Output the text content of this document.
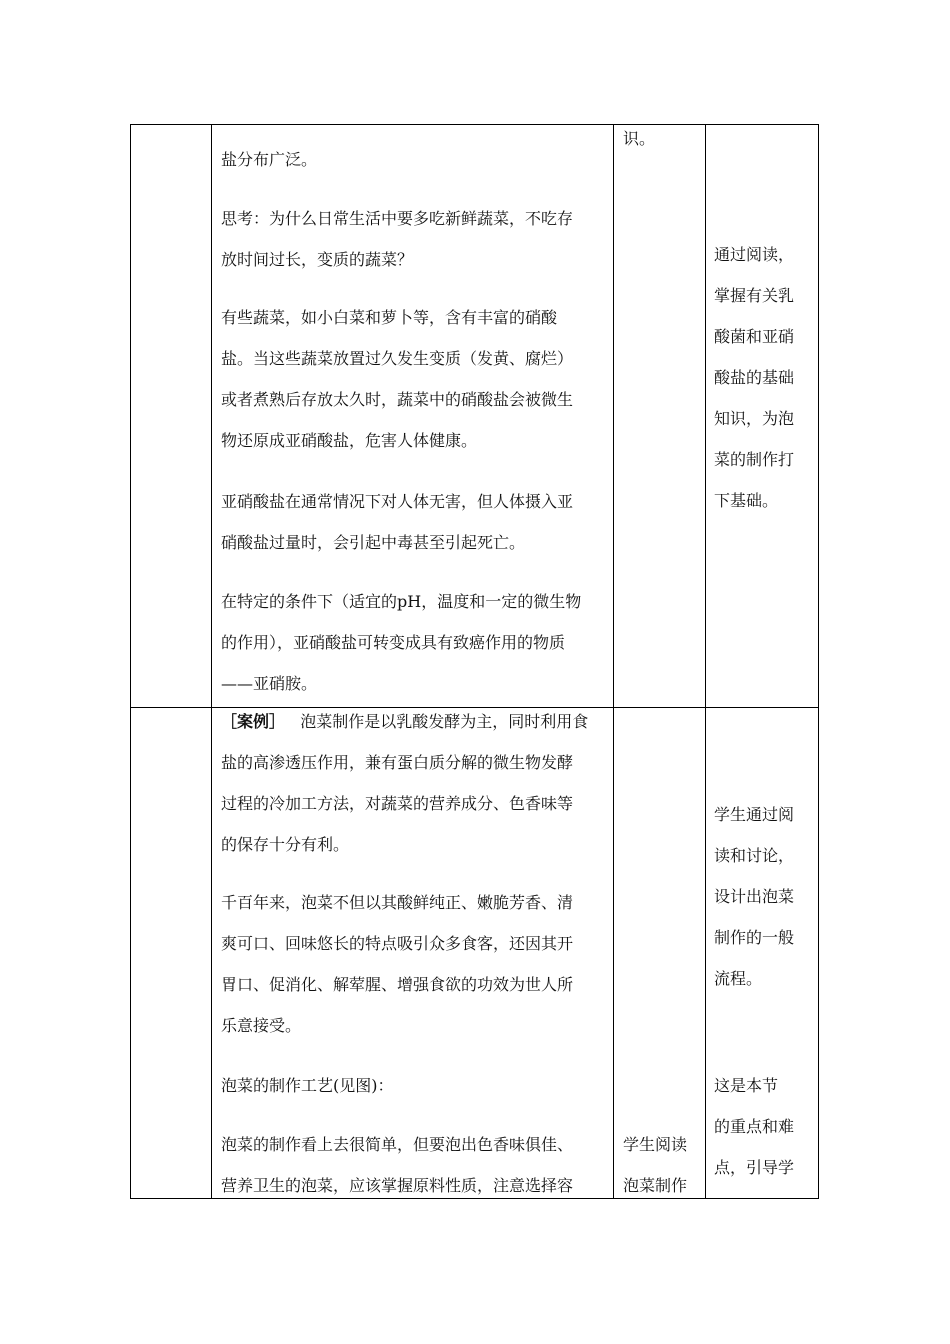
盐分布广泛。
思考：为什么日常生活中要多吃新鲜蔬菜，不吃存
放时间过长，变质的蔬菜？
有些蔬菜，如小白菜和萝卜等，含有丰富的硝酸
盐。当这些蔬菜放置过久发生变质（发黄、腐烂）
或者煮熟后存放太久时，蔬菜中的硝酸盐会被微生
物还原成亚硝酸盐，危害人体健康。
亚硝酸盐在通常情况下对人体无害，但人体摄入亚
硝酸盐过量时，会引起中毒甚至引起死亡。
在特定的条件下（适宜的pH，温度和一定的微生物
的作用），亚硝酸盐可转变成具有致癌作用的物质
——亚硝胺。
识。
通过阅读，
掌握有关乳
酸菌和亚硝
酸盐的基础
知识，为泡
菜的制作打
下基础。
［案例］ 泡菜制作是以乳酸发酵为主，同时利用食
盐的高渗透压作用，兼有蛋白质分解的微生物发酵
过程的冷加工方法，对蔬菜的营养成分、色香味等
的保存十分有利。
千百年来，泡菜不但以其酸鲜纯正、嫩脆芳香、清
爽可口、回味悠长的特点吸引众多食客，还因其开
胃口、促消化、解荤腥、增强食欲的功效为世人所
乐意接受。
泡菜的制作工艺(见图)：
泡菜的制作看上去很简单，但要泡出色香味俱佳、
营养卫生的泡菜，应该掌握原料性质，注意选择容
学生阅读
泡菜制作
学生通过阅
读和讨论，
设计出泡菜
制作的一般
流程。
这是本节
的重点和难
点，引导学
